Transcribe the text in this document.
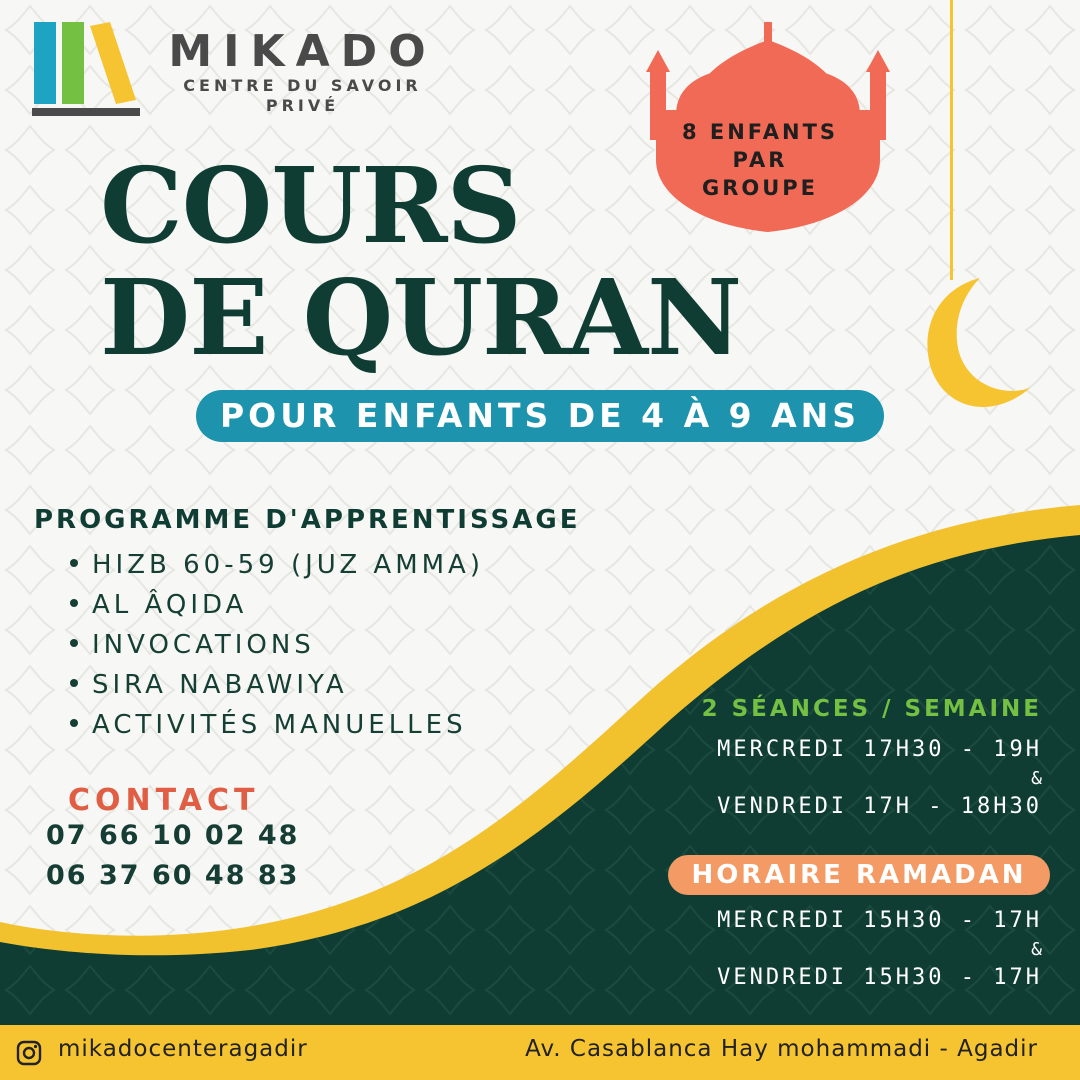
MIKADO
CENTRE DU SAVOIR
PRIVÉ
COURS
DE QURAN
POUR ENFANTS DE 4 À 9 ANS
8 ENFANTS
PAR
GROUPE
PROGRAMME D'APPRENTISSAGE
HIZB 60-59 (JUZ AMMA)
AL ÂQIDA
INVOCATIONS
SIRA NABAWIYA
ACTIVITÉS MANUELLES
CONTACT
07 66 10 02 48
06 37 60 48 83
2 SÉANCES / SEMAINE
MERCREDI 17H30 - 19H
&
VENDREDI 17H - 18H30
HORAIRE RAMADAN
MERCREDI 15H30 - 17H
&
VENDREDI 15H30 - 17H
mikadocenteragadir	Av. Casablanca Hay mohammadi - Agadir
